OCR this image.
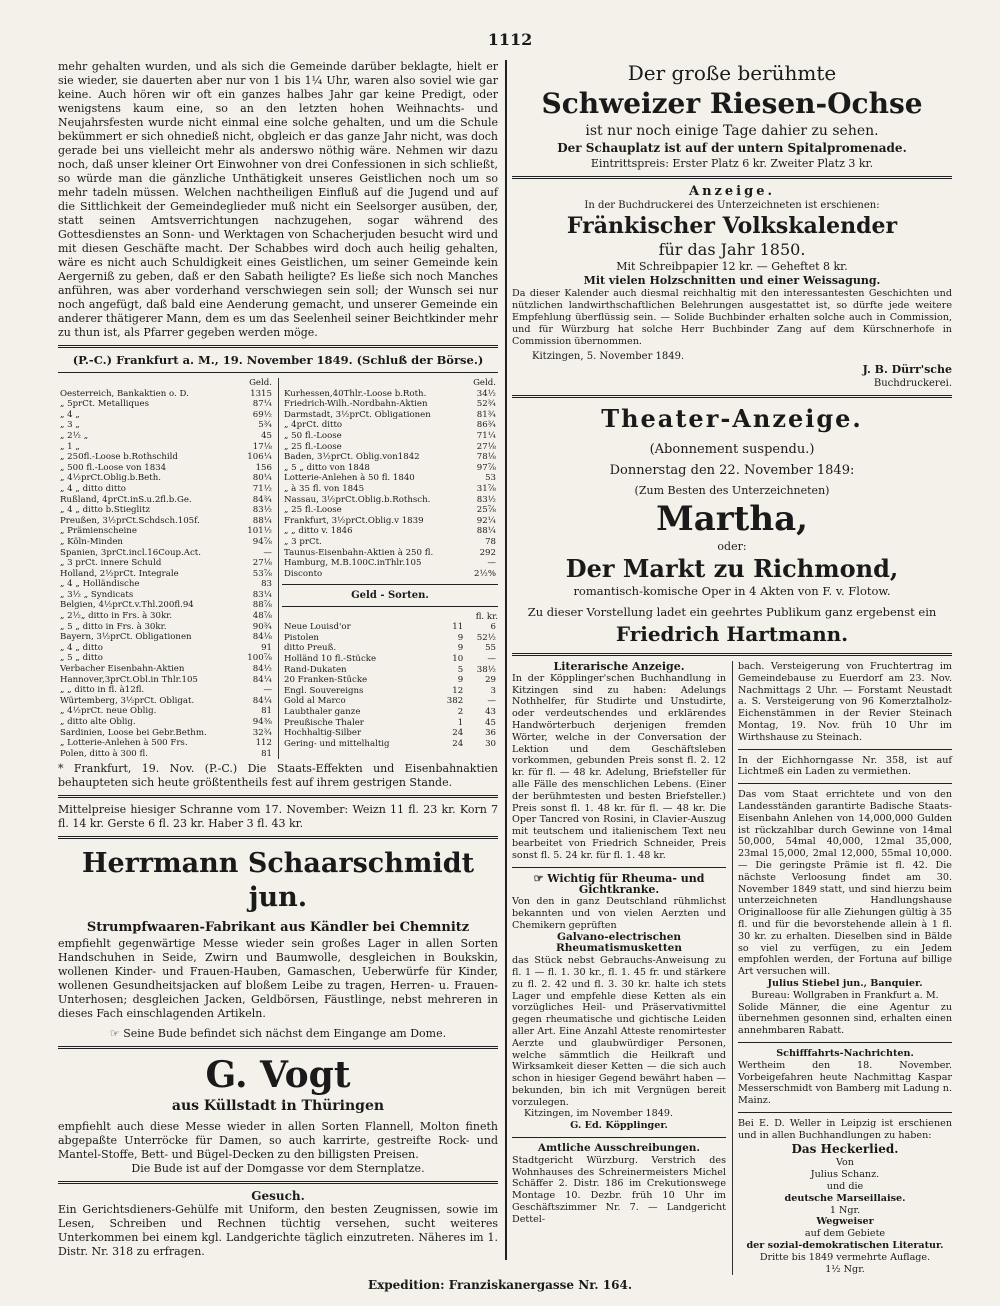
1112

mehr gehalten wurden, und als sich die Gemeinde darüber beklagte, hielt er sie wieder, sie dauerten aber nur von 1 bis 1¼ Uhr, waren also soviel wie gar keine. Auch hören wir oft ein ganzes halbes Jahr gar keine Predigt, oder wenigstens kaum eine, so an den letzten hohen Weihnachts- und Neujahrsfesten wurde nicht einmal eine solche gehalten, und um die Schule bekümmert er sich ohnedieß nicht, obgleich er das ganze Jahr nicht, was doch gerade bei uns vielleicht mehr als anderswo nöthig wäre. Nehmen wir dazu noch, daß unser kleiner Ort Einwohner von drei Confessionen in sich schließt, so würde man die gänzliche Unthätigkeit unseres Geistlichen noch um so mehr tadeln müssen. Welchen nachtheiligen Einfluß auf die Jugend und auf die Sittlichkeit der Gemeindeglieder muß nicht ein Seelsorger ausüben, der, statt seinen Amtsverrichtungen nachzugehen, sogar während des Gottesdienstes an Sonn- und Werktagen von Schacherjuden besucht wird und mit diesen Geschäfte macht. Der Schabbes wird doch auch heilig gehalten, wäre es nicht auch Schuldigkeit eines Geistlichen, um seiner Gemeinde kein Aergerniß zu geben, daß er den Sabath heiligte? Es ließe sich noch Manches anführen, was aber vorderhand verschwiegen sein soll; der Wunsch sei nur noch angefügt, daß bald eine Aenderung gemacht, und unserer Gemeinde ein anderer thätigerer Mann, dem es um das Seelenheil seiner Beichtkinder mehr zu thun ist, als Pfarrer gegeben werden möge.

(P.-C.) Frankfurt a. M., 19. November 1849. (Schluß der Börse.)
	Geld.
Oesterreich, Bankaktien o. D.	1315
„ 5prCt. Metalliques	87¼
„ 4 „	69½
„ 3 „	5¾
„ 2½ „	45
„ 1 „	17⅛
„ 250fl.-Loose b.Rothschild	106¼
„ 500 fl.-Loose von 1834	156
„ 4½prCt.Oblig.b.Beth.	80¼
„ 4 „ ditto ditto	71½
Rußland, 4prCt.inS.u.2fl.b.Ge.	84¾
„ 4 „ ditto b.Stieglitz	83½
Preußen, 3½prCt.Schdsch.105f.	88¼
„ Prämienscheine	101½
„ Köln-Minden	94⅞
Spanien, 3prCt.incl.16Coup.Act.	—
„ 3 prCt. innere Schuld	27⅛
Holland, 2½prCt. Integrale	53⅞
„ 4 „ Holländische	83
„ 3½ „ Syndicats	83¼
Belgien, 4½prCt.v.Thl.200fl.94	88⅞
„ 2½„ ditto in Frs. à 30kr.	48⅞
„ 5 „ ditto in Frs. à 30kr.	90¾
Bayern, 3½prCt. Obligationen	84⅛
„ 4 „ ditto	91
„ 5 „ ditto	100⅞
Verbacher Eisenbahn-Aktien	84½
Hannover,3prCt.Obl.in Thlr.105	84¼
„ „ ditto in fl. à12fl.	—
Würtemberg, 3½prCt. Obligat.	84¼
„ 4½prCt. neue Oblig.	81
„ ditto alte Oblig.	94⅜
Sardinien, Loose bei Gebr.Bethm.	32¾
„ Lotterie-Anlehen à 500 Frs.	112
Polen, ditto à 300 fl.	81
	Geld.
Kurhessen,40Thlr.-Loose b.Roth.	34½
Friedrich-Wilh.-Nordbahn-Aktien	52¾
Darmstadt, 3½prCt. Obligationen	81¾
„ 4prCt. ditto	86¾
„ 50 fl.-Loose	71¼
„ 25 fl.-Loose	27⅛
Baden, 3½prCt. Oblig.von1842	78⅛
„ 5 „ ditto von 1848	97⅞
Lotterie-Anlehen à 50 fl. 1840	53
„ à 35 fl. von 1845	31⅞
Nassau, 3½prCt.Oblig.b.Rothsch.	83½
„ 25 fl.-Loose	25⅞
Frankfurt, 3½prCt.Oblig.v 1839	92¼
„ „ ditto v. 1846	88¼
„ 3 prCt.	78
Taunus-Eisenbahn-Aktien à 250 fl.	292
Hamburg, M.B.100C.inThlr.105	—
Disconto	2½%
Geld - Sorten.
fl. kr.
Neue Louisd'or	11	6
Pistolen	9	52½
ditto Preuß.	9	55
Holländ 10 fl.-Stücke	10	—
Rand-Dukaten	5	38½
20 Franken-Stücke	9	29
Engl. Souvereigns	12	3
Gold al Marco	382	—
Laubthaler ganze	2	43
Preußische Thaler	1	45
Hochhaltig-Silber	24	36
Gering- und mittelhaltig	24	30

* Frankfurt, 19. Nov. (P.-C.) Die Staats-Effekten und Eisenbahnaktien behaupteten sich heute größtentheils fest auf ihrem gestrigen Stande.

Mittelpreise hiesiger Schranne vom 17. November: Weizn 11 fl. 23 kr. Korn 7 fl. 14 kr. Gerste 6 fl. 23 kr. Haber 3 fl. 43 kr.

Herrmann Schaarschmidt jun.
Strumpfwaaren-Fabrikant aus Kändler bei Chemnitz

empfiehlt gegenwärtige Messe wieder sein großes Lager in allen Sorten Handschuhen in Seide, Zwirn und Baumwolle, desgleichen in Boukskin, wollenen Kinder- und Frauen-Hauben, Gamaschen, Ueberwürfe für Kinder, wollenen Gesundheitsjacken auf bloßem Leibe zu tragen, Herren- u. Frauen-Unterhosen; desgleichen Jacken, Geldbörsen, Fäustlinge, nebst mehreren in dieses Fach einschlagenden Artikeln.

☞ Seine Bude befindet sich nächst dem Eingange am Dome.

G. Vogt
aus Küllstadt in Thüringen

empfiehlt auch diese Messe wieder in allen Sorten Flannell, Molton fineth abgepaßte Unterröcke für Damen, so auch karrirte, gestreifte Rock- und Mantel-Stoffe, Bett- und Bügel-Decken zu den billigsten Preisen.

Die Bude ist auf der Domgasse vor dem Sternplatze.

Gesuch.

Ein Gerichtsdieners-Gehülfe mit Uniform, den besten Zeugnissen, sowie im Lesen, Schreiben und Rechnen tüchtig versehen, sucht weiteres Unterkommen bei einem kgl. Landgerichte täglich einzutreten. Näheres im 1. Distr. Nr. 318 zu erfragen.

Der große berühmte
Schweizer Riesen-Ochse
ist nur noch einige Tage dahier zu sehen.
Der Schauplatz ist auf der untern Spitalpromenade.
Eintrittspreis: Erster Platz 6 kr. Zweiter Platz 3 kr.
Anzeige.
In der Buchdruckerei des Unterzeichneten ist erschienen:
Fränkischer Volkskalender
für das Jahr 1850.
Mit Schreibpapier 12 kr. — Geheftet 8 kr.
Mit vielen Holzschnitten und einer Weissagung.

Da dieser Kalender auch diesmal reichhaltig mit den interessantesten Geschichten und nützlichen landwirthschaftlichen Belehrungen ausgestattet ist, so dürfte jede weitere Empfehlung überflüssig sein. — Solide Buchbinder erhalten solche auch in Commission, und für Würzburg hat solche Herr Buchbinder Zang auf dem Kürschnerhofe in Commission übernommen.

Kitzingen, 5. November 1849.
J. B. Dürr'sche
Buchdruckerei.
Theater-Anzeige.
(Abonnement suspendu.)
Donnerstag den 22. November 1849:
(Zum Besten des Unterzeichneten)
Martha,
oder:
Der Markt zu Richmond,
romantisch-komische Oper in 4 Akten von F. v. Flotow.
Zu dieser Vorstellung ladet ein geehrtes Publikum ganz ergebenst ein
Friedrich Hartmann.
Literarische Anzeige.

In der Köpplinger'schen Buchhandlung in Kitzingen sind zu haben: Adelungs Nothhelfer, für Studirte und Unstudirte, oder verdeutschendes und erklärendes Handwörterbuch derjenigen fremden Wörter, welche in der Conversation der Lektion und dem Geschäftsleben vorkommen, gebunden Preis sonst fl. 2. 12 kr. für fl. — 48 kr. Adelung, Briefsteller für alle Fälle des menschlichen Lebens. (Einer der berühmtesten und besten Briefsteller.) Preis sonst fl. 1. 48 kr. für fl. — 48 kr. Die Oper Tancred von Rosini, in Clavier-Auszug mit teutschem und italienischem Text neu bearbeitet von Friedrich Schneider, Preis sonst fl. 5. 24 kr. für fl. 1. 48 kr.

☞ Wichtig für Rheuma- und Gichtkranke.

Von den in ganz Deutschland rühmlichst bekannten und von vielen Aerzten und Chemikern geprüften

Galvano-electrischen Rheumatismusketten

das Stück nebst Gebrauchs-Anweisung zu fl. 1 — fl. 1. 30 kr., fl. 1. 45 fr. und stärkere zu fl. 2. 42 und fl. 3. 30 kr. halte ich stets Lager und empfehle diese Ketten als ein vorzügliches Heil- und Präservativmittel gegen rheumatische und gichtische Leiden aller Art. Eine Anzahl Atteste renomirtester Aerzte und glaubwürdiger Personen, welche sämmtlich die Heilkraft und Wirksamkeit dieser Ketten — die sich auch schon in hiesiger Gegend bewährt haben — bekunden, bin ich mit Vergnügen bereit vorzulegen.

Kitzingen, im November 1849.

G. Ed. Köpplinger.

Amtliche Ausschreibungen.

Stadtgericht Würzburg. Verstrich des Wohnhauses des Schreinermeisters Michel Schäffer 2. Distr. 186 im Crekutionswege Montage 10. Dezbr. früh 10 Uhr im Geschäftszimmer Nr. 7. — Landgericht Dettel-

bach. Versteigerung von Fruchtertrag im Gemeindebause zu Euerdorf am 23. Nov. Nachmittags 2 Uhr. — Forstamt Neustadt a. S. Versteigerung von 96 Komerztalholz-Eichenstämmen in der Revier Steinach Montag, 19. Nov. früh 10 Uhr im Wirthshause zu Steinach.

In der Eichhorngasse Nr. 358, ist auf Lichtmeß ein Laden zu vermiethen.

Das vom Staat errichtete und von den Landesständen garantirte Badische Staats-Eisenbahn Anlehen von 14,000,000 Gulden ist rückzahlbar durch Gewinne von 14mal 50,000, 54mal 40,000, 12mal 35,000, 23mal 15,000, 2mal 12,000, 55mal 10,000. — Die geringste Prämie ist fl. 42. Die nächste Verloosung findet am 30. November 1849 statt, und sind hierzu beim unterzeichneten Handlungshause Originalloose für alle Ziehungen gültig à 35 fl. und für die bevorstehende allein à 1 fl. 30 kr. zu erhalten. Dieselben sind in Bälde so viel zu verfügen, zu ein Jedem empfohlen werden, der Fortuna auf billige Art versuchen will.

Julius Stiebel jun., Banquier.

Bureau: Wollgraben in Frankfurt a. M.

Solide Männer, die eine Agentur zu übernehmen gesonnen sind, erhalten einen annehmbaren Rabatt.

Schifffahrts-Nachrichten.

Wertheim den 18. November. Vorbeigefahren heute Nachmittag Kaspar Messerschmidt von Bamberg mit Ladung n. Mainz.

Bei E. D. Weller in Leipzig ist erschienen und in allen Buchhandlungen zu haben:

Das Heckerlied.
Von
Julius Schanz.
und die
deutsche Marseillaise.
1 Ngr.
Wegweiser
auf dem Gebiete
der sozial-demokratischen Literatur.
Dritte bis 1849 vermehrte Auflage.
1½ Ngr.
Expedition: Franziskanergasse Nr. 164.
